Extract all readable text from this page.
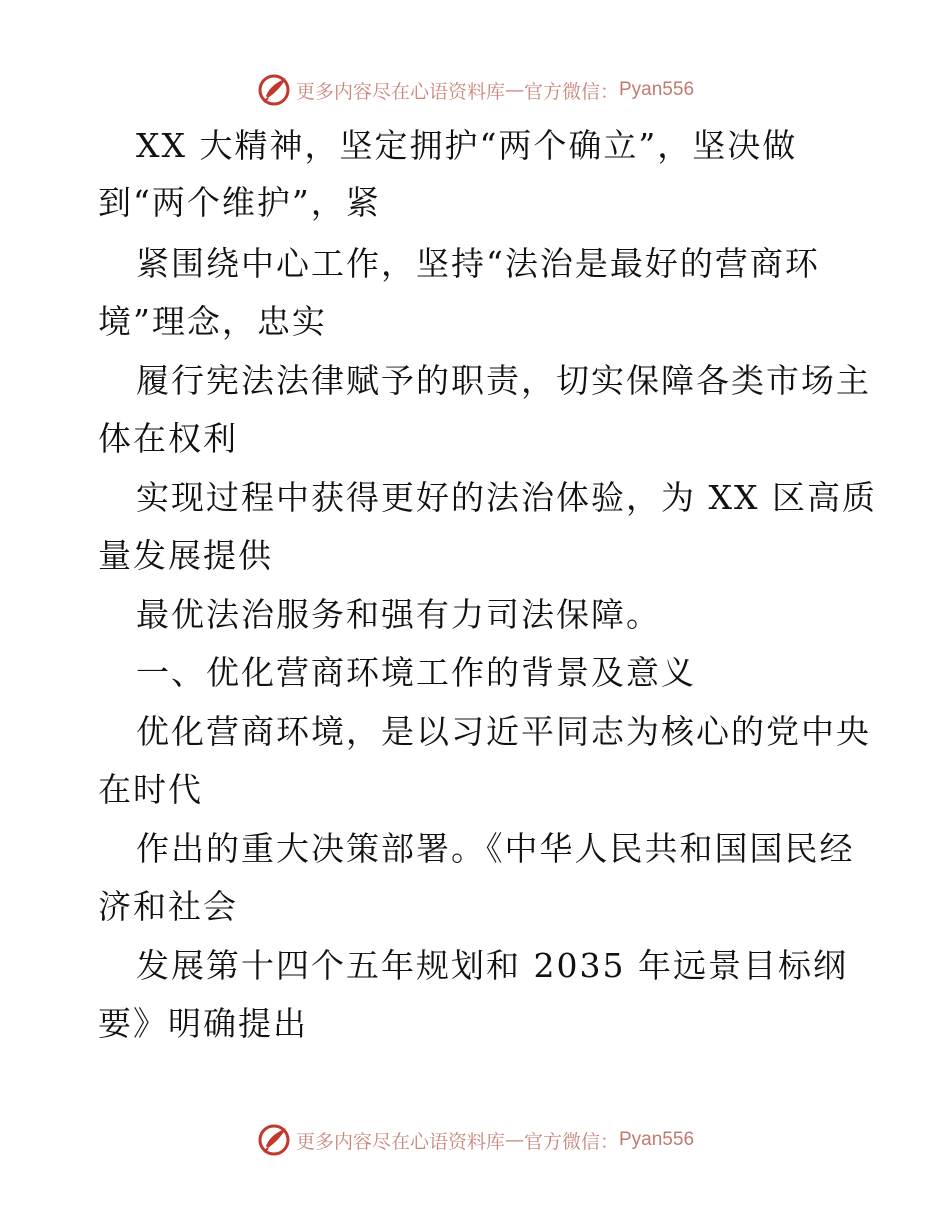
更多内容尽在心语资料库 — 官方微信： Pyan556
XX 大精神，坚定拥护“两个确立”，坚决做
到“两个维护”，紧
紧围绕中心工作，坚持“法治是最好的营商环
境”理念，忠实
履行宪法法律赋予的职责，切实保障各类市场主
体在权利
实现过程中获得更好的法治体验，为 XX 区高质
量发展提供
最优法治服务和强有力司法保障。
一、优化营商环境工作的背景及意义
优化营商环境，是以习近平同志为核心的党中央
在时代
作出的重大决策部署。《中华人民共和国国民经
济和社会
发展第十四个五年规划和 2035 年远景目标纲
要》明确提出
更多内容尽在心语资料库 — 官方微信： Pyan556
